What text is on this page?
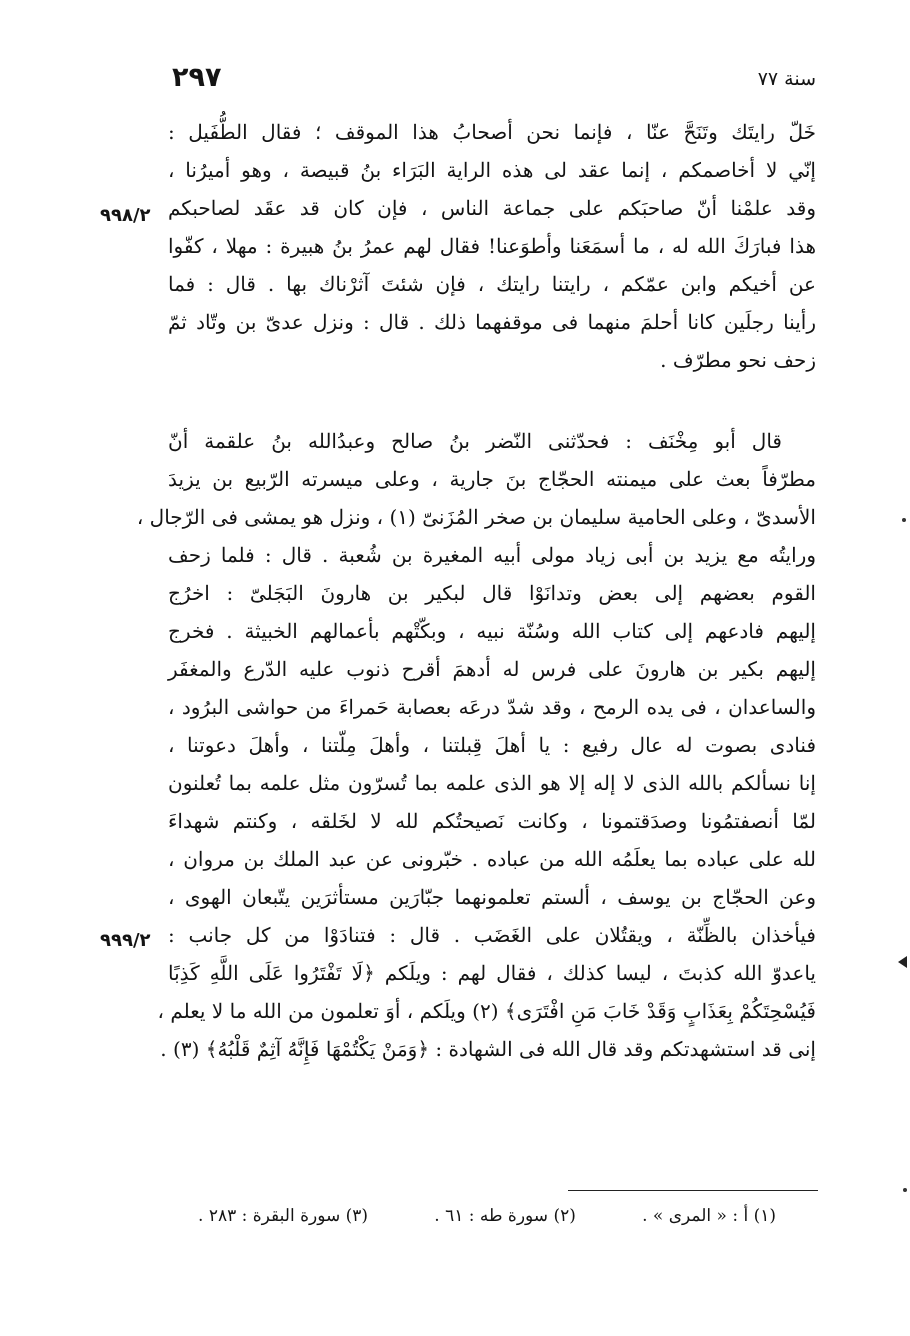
٢٩٧	سنة ٧٧
٩٩٨/٢
٩٩٩/٢
خَلّ رايتَك وتَنَحَّ عنّا ، فإنما نحن أصحابُ هذا الموقف ؛ فقال الطُّفَيل :
إنّي لا أخاصمكم ، إنما عقد لى هذه الراية البَرَاء بنُ قبيصة ، وهو أميرُنا ،
وقد علمْنا أنّ صاحبَكم على جماعة الناس ، فإن كان قد عقَد لصاحبكم
هذا فبارَكَ الله له ، ما أسمَعَنا وأطوَعنا! فقال لهم عمرُ بنُ هبيرة : مهلا ، كفّوا
عن أخيكم وابن عمّكم ، رايتنا رايتك ، فإن شئتَ آثرْناك بها . قال : فما
رأينا رجلَين كانا أحلمَ منهما فى موقفهما ذلك . قال : ونزل عدىّ بن وتّاد ثمّ
زحف نحو مطرّف .
قال أبو مِخْنَف : فحدّثنى النّضر بنُ صالح وعبدُالله بنُ علقمة أنّ
مطرّفاً بعث على ميمنته الحجّاج بنَ جارية ، وعلى ميسرته الرّبيع بن يزيدَ
الأسدىّ ، وعلى الحامية سليمان بن صخر المُزَنىّ (١) ، ونزل هو يمشى فى الرّجال ،
ورايتُه مع يزيد بن أبى زياد مولى أبيه المغيرة بن شُعبة . قال : فلما زحف
القوم بعضهم إلى بعض وتدانَوْا قال لبكير بن هارونَ البَجَلىّ : اخرُج
إليهم فادعهم إلى كتاب الله وسُنّة نبيه ، وبكّتْهم بأعمالهم الخبيثة . فخرج
إليهم بكير بن هارونَ على فرس له أدهمَ أقرح ذنوب عليه الدّرع والمغفَر
والساعدان ، فى يده الرمح ، وقد شدّ درعَه بعصابة حَمراءَ من حواشى البرُود ،
فنادى بصوت له عال رفيع : يا أهلَ قِبلتنا ، وأهلَ مِلّتنا ، وأهلَ دعوتنا ،
إنا نسألكم بالله الذى لا إله إلا هو الذى علمه بما تُسرّون مثل علمه بما تُعلنون
لمّا أنصفتمُونا وصدَقتمونا ، وكانت نَصيحتُكم لله لا لخَلقه ، وكنتم شهداءَ
لله على عباده بما يعلَمُه الله من عباده . خبّرونى عن عبد الملك بن مروان ،
وعن الحجّاج بن يوسف ، ألستم تعلمونهما جبّارَين مستأثرَين يتّبعان الهوى ،
فيأخذان بالظِّنّة ، ويقتُلان على الغَضَب . قال : فتنادَوْا من كل جانب :
ياعدوّ الله كذبتَ ، ليسا كذلك ، فقال لهم : ويلَكم ﴿لَا تَفْتَرُوا عَلَى اللَّهِ كَذِبًا
فَيُسْحِتَكُمْ بِعَذَابٍ وَقَدْ خَابَ مَنِ افْتَرَى﴾ (٢) ويلَكم ، أوَ تعلمون من الله ما لا يعلم ،
إنى قد استشهدتكم وقد قال الله فى الشهادة : ﴿وَمَنْ يَكْتُمْهَا فَإِنَّهُ آثِمٌ قَلْبُهُ﴾ (٣) .
(١) أ : « المرى » .
(٢) سورة طه : ٦١ .
(٣) سورة البقرة : ٢٨٣ .
